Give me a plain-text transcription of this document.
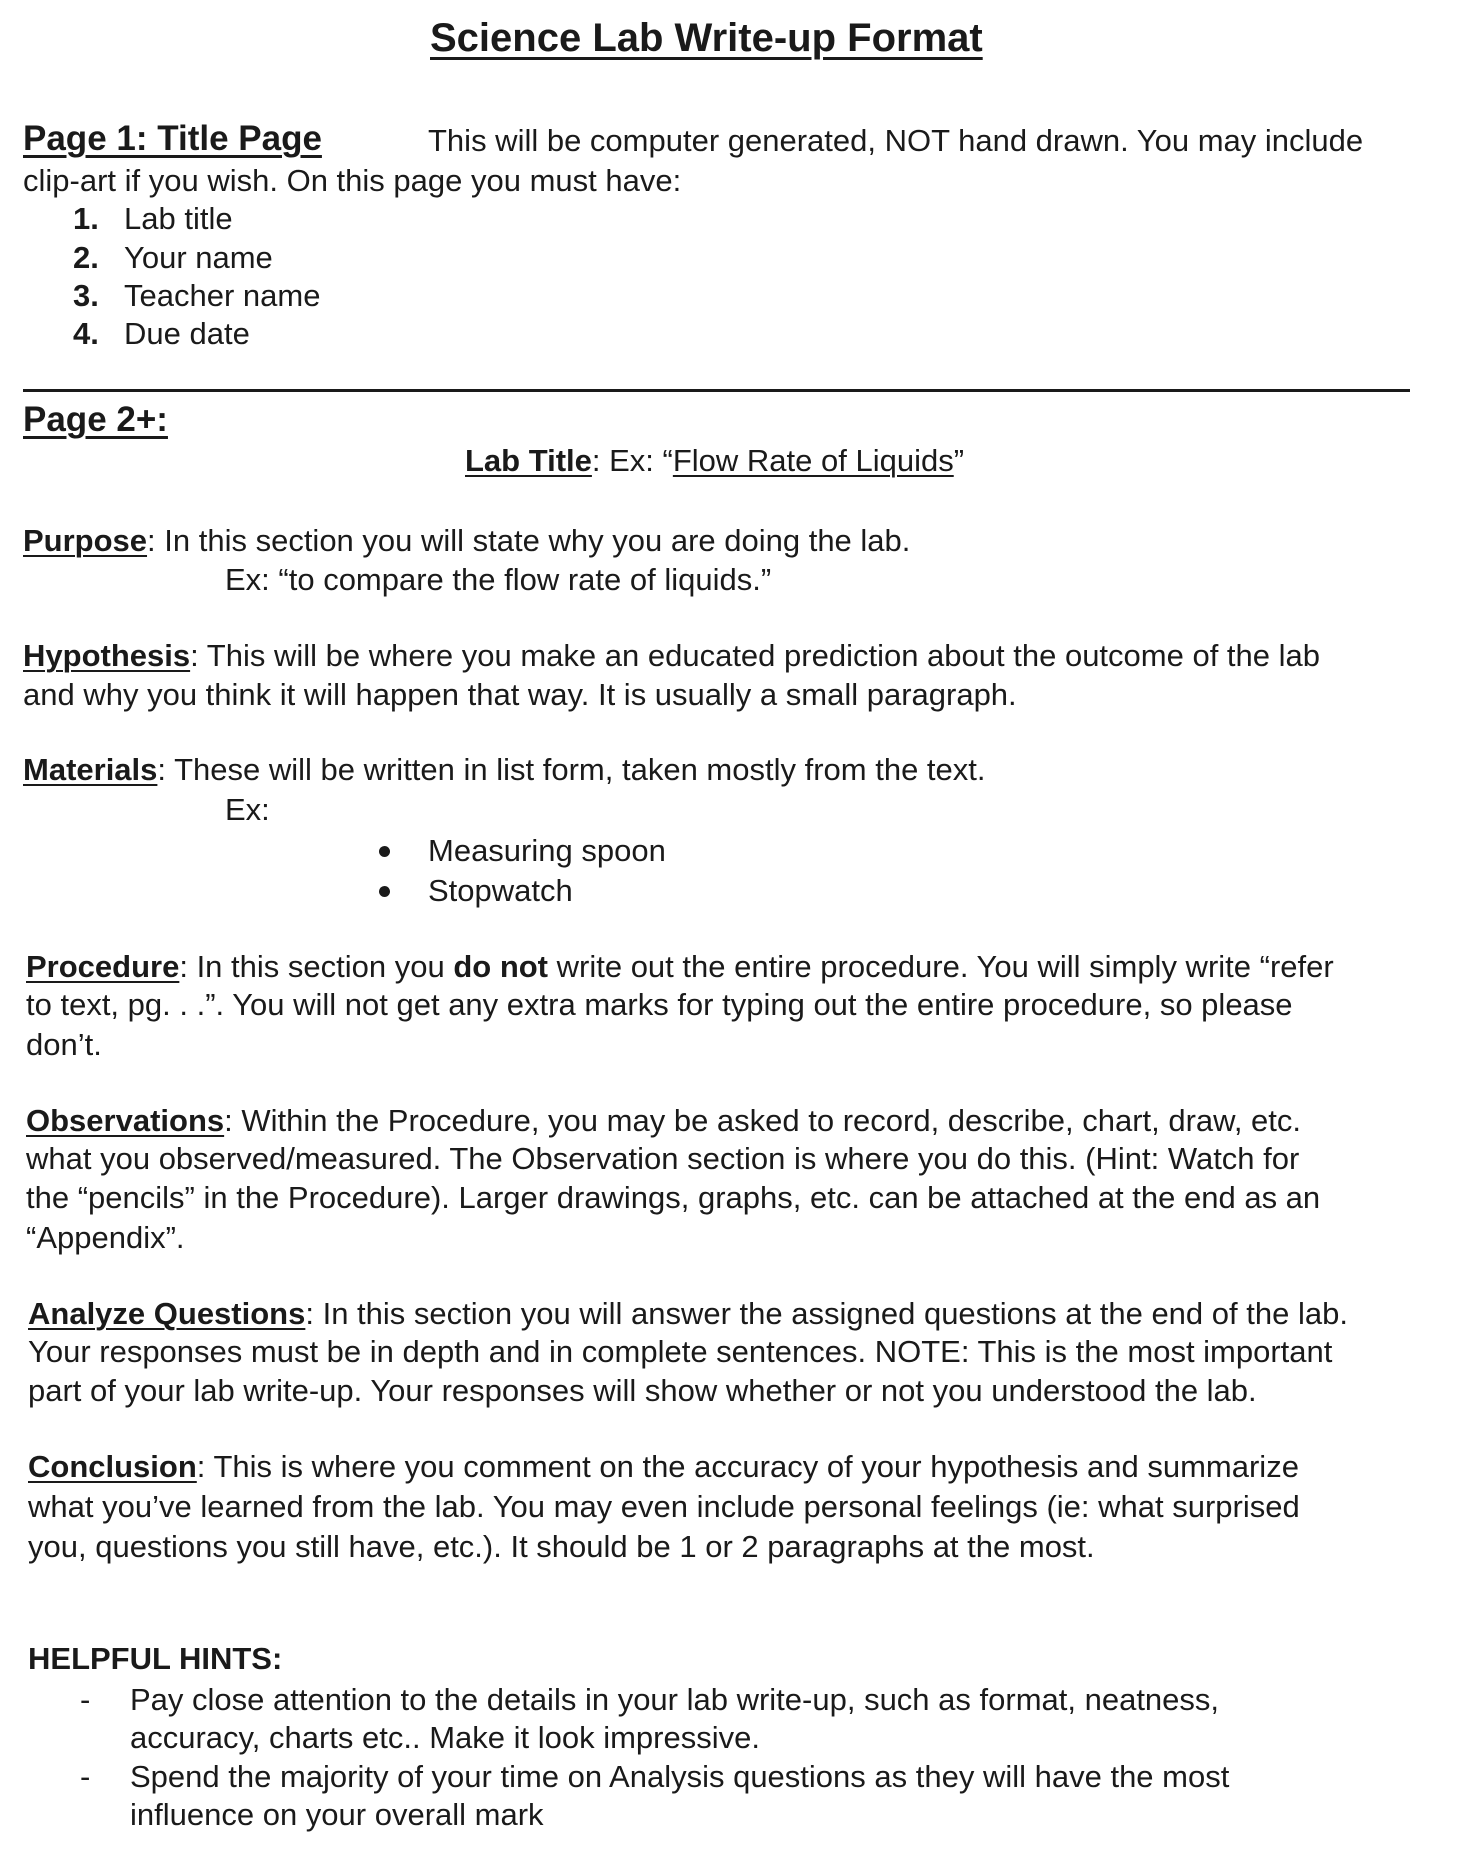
Science Lab Write-up Format
Page 1: Title Page	This will be computer generated, NOT hand drawn. You may include
clip-art if you wish. On this page you must have:
1. Lab title
2. Your name
3. Teacher name
4. Due date
Page 2+:
Lab Title: Ex: “Flow Rate of Liquids”
Purpose: In this section you will state why you are doing the lab.
Ex: “to compare the flow rate of liquids.”
Hypothesis: This will be where you make an educated prediction about the outcome of the lab
and why you think it will happen that way. It is usually a small paragraph.
Materials: These will be written in list form, taken mostly from the text.
Ex:
Measuring spoon
Stopwatch
Procedure: In this section you do not write out the entire procedure. You will simply write “refer
to text, pg. . .”. You will not get any extra marks for typing out the entire procedure, so please
don’t.
Observations: Within the Procedure, you may be asked to record, describe, chart, draw, etc.
what you observed/measured. The Observation section is where you do this. (Hint: Watch for
the “pencils” in the Procedure). Larger drawings, graphs, etc. can be attached at the end as an
“Appendix”.
Analyze Questions: In this section you will answer the assigned questions at the end of the lab.
Your responses must be in depth and in complete sentences. NOTE: This is the most important
part of your lab write-up. Your responses will show whether or not you understood the lab.
Conclusion: This is where you comment on the accuracy of your hypothesis and summarize
what you’ve learned from the lab. You may even include personal feelings (ie: what surprised
you, questions you still have, etc.). It should be 1 or 2 paragraphs at the most.
HELPFUL HINTS:
- Pay close attention to the details in your lab write-up, such as format, neatness,
accuracy, charts etc.. Make it look impressive.
- Spend the majority of your time on Analysis questions as they will have the most
influence on your overall mark
